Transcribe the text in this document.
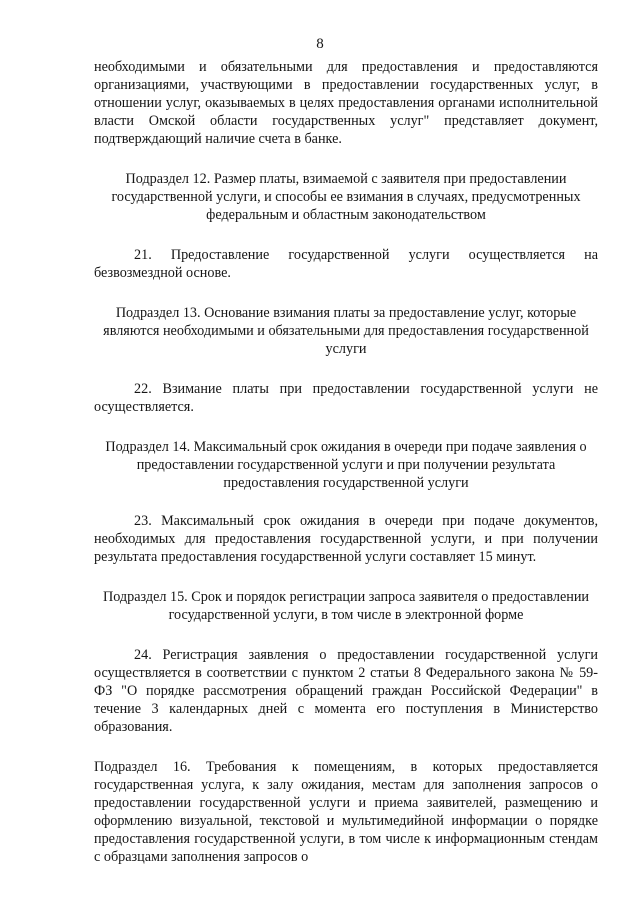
8

необходимыми и обязательными для предоставления и предоставляются организациями, участвующими в предоставлении государственных услуг, в отношении услуг, оказываемых в целях предоставления органами исполнительной власти Омской области государственных услуг" представляет документ, подтверждающий наличие счета в банке.

Подраздел 12. Размер платы, взимаемой с заявителя при предоставлении государственной услуги, и способы ее взимания в случаях, предусмотренных федеральным и областным законодательством

21. Предоставление государственной услуги осуществляется на безвозмездной основе.

Подраздел 13. Основание взимания платы за предоставление услуг, которые являются необходимыми и обязательными для предоставления государственной услуги

22. Взимание платы при предоставлении государственной услуги не осуществляется.

Подраздел 14. Максимальный срок ожидания в очереди при подаче заявления о предоставлении государственной услуги и при получении результата предоставления государственной услуги

23. Максимальный срок ожидания в очереди при подаче документов, необходимых для предоставления государственной услуги, и при получении результата предоставления государственной услуги составляет 15 минут.

Подраздел 15. Срок и порядок регистрации запроса заявителя о предоставлении государственной услуги, в том числе в электронной форме

24. Регистрация заявления о предоставлении государственной услуги осуществляется в соответствии с пунктом 2 статьи 8 Федерального закона № 59-ФЗ "О порядке рассмотрения обращений граждан Российской Федерации" в течение 3 календарных дней с момента его поступления в Министерство образования.

Подраздел 16. Требования к помещениям, в которых предоставляется государственная услуга, к залу ожидания, местам для заполнения запросов о предоставлении государственной услуги и приема заявителей, размещению и оформлению визуальной, текстовой и мультимедийной информации о порядке предоставления государственной услуги, в том числе к информационным стендам с образцами заполнения запросов о
